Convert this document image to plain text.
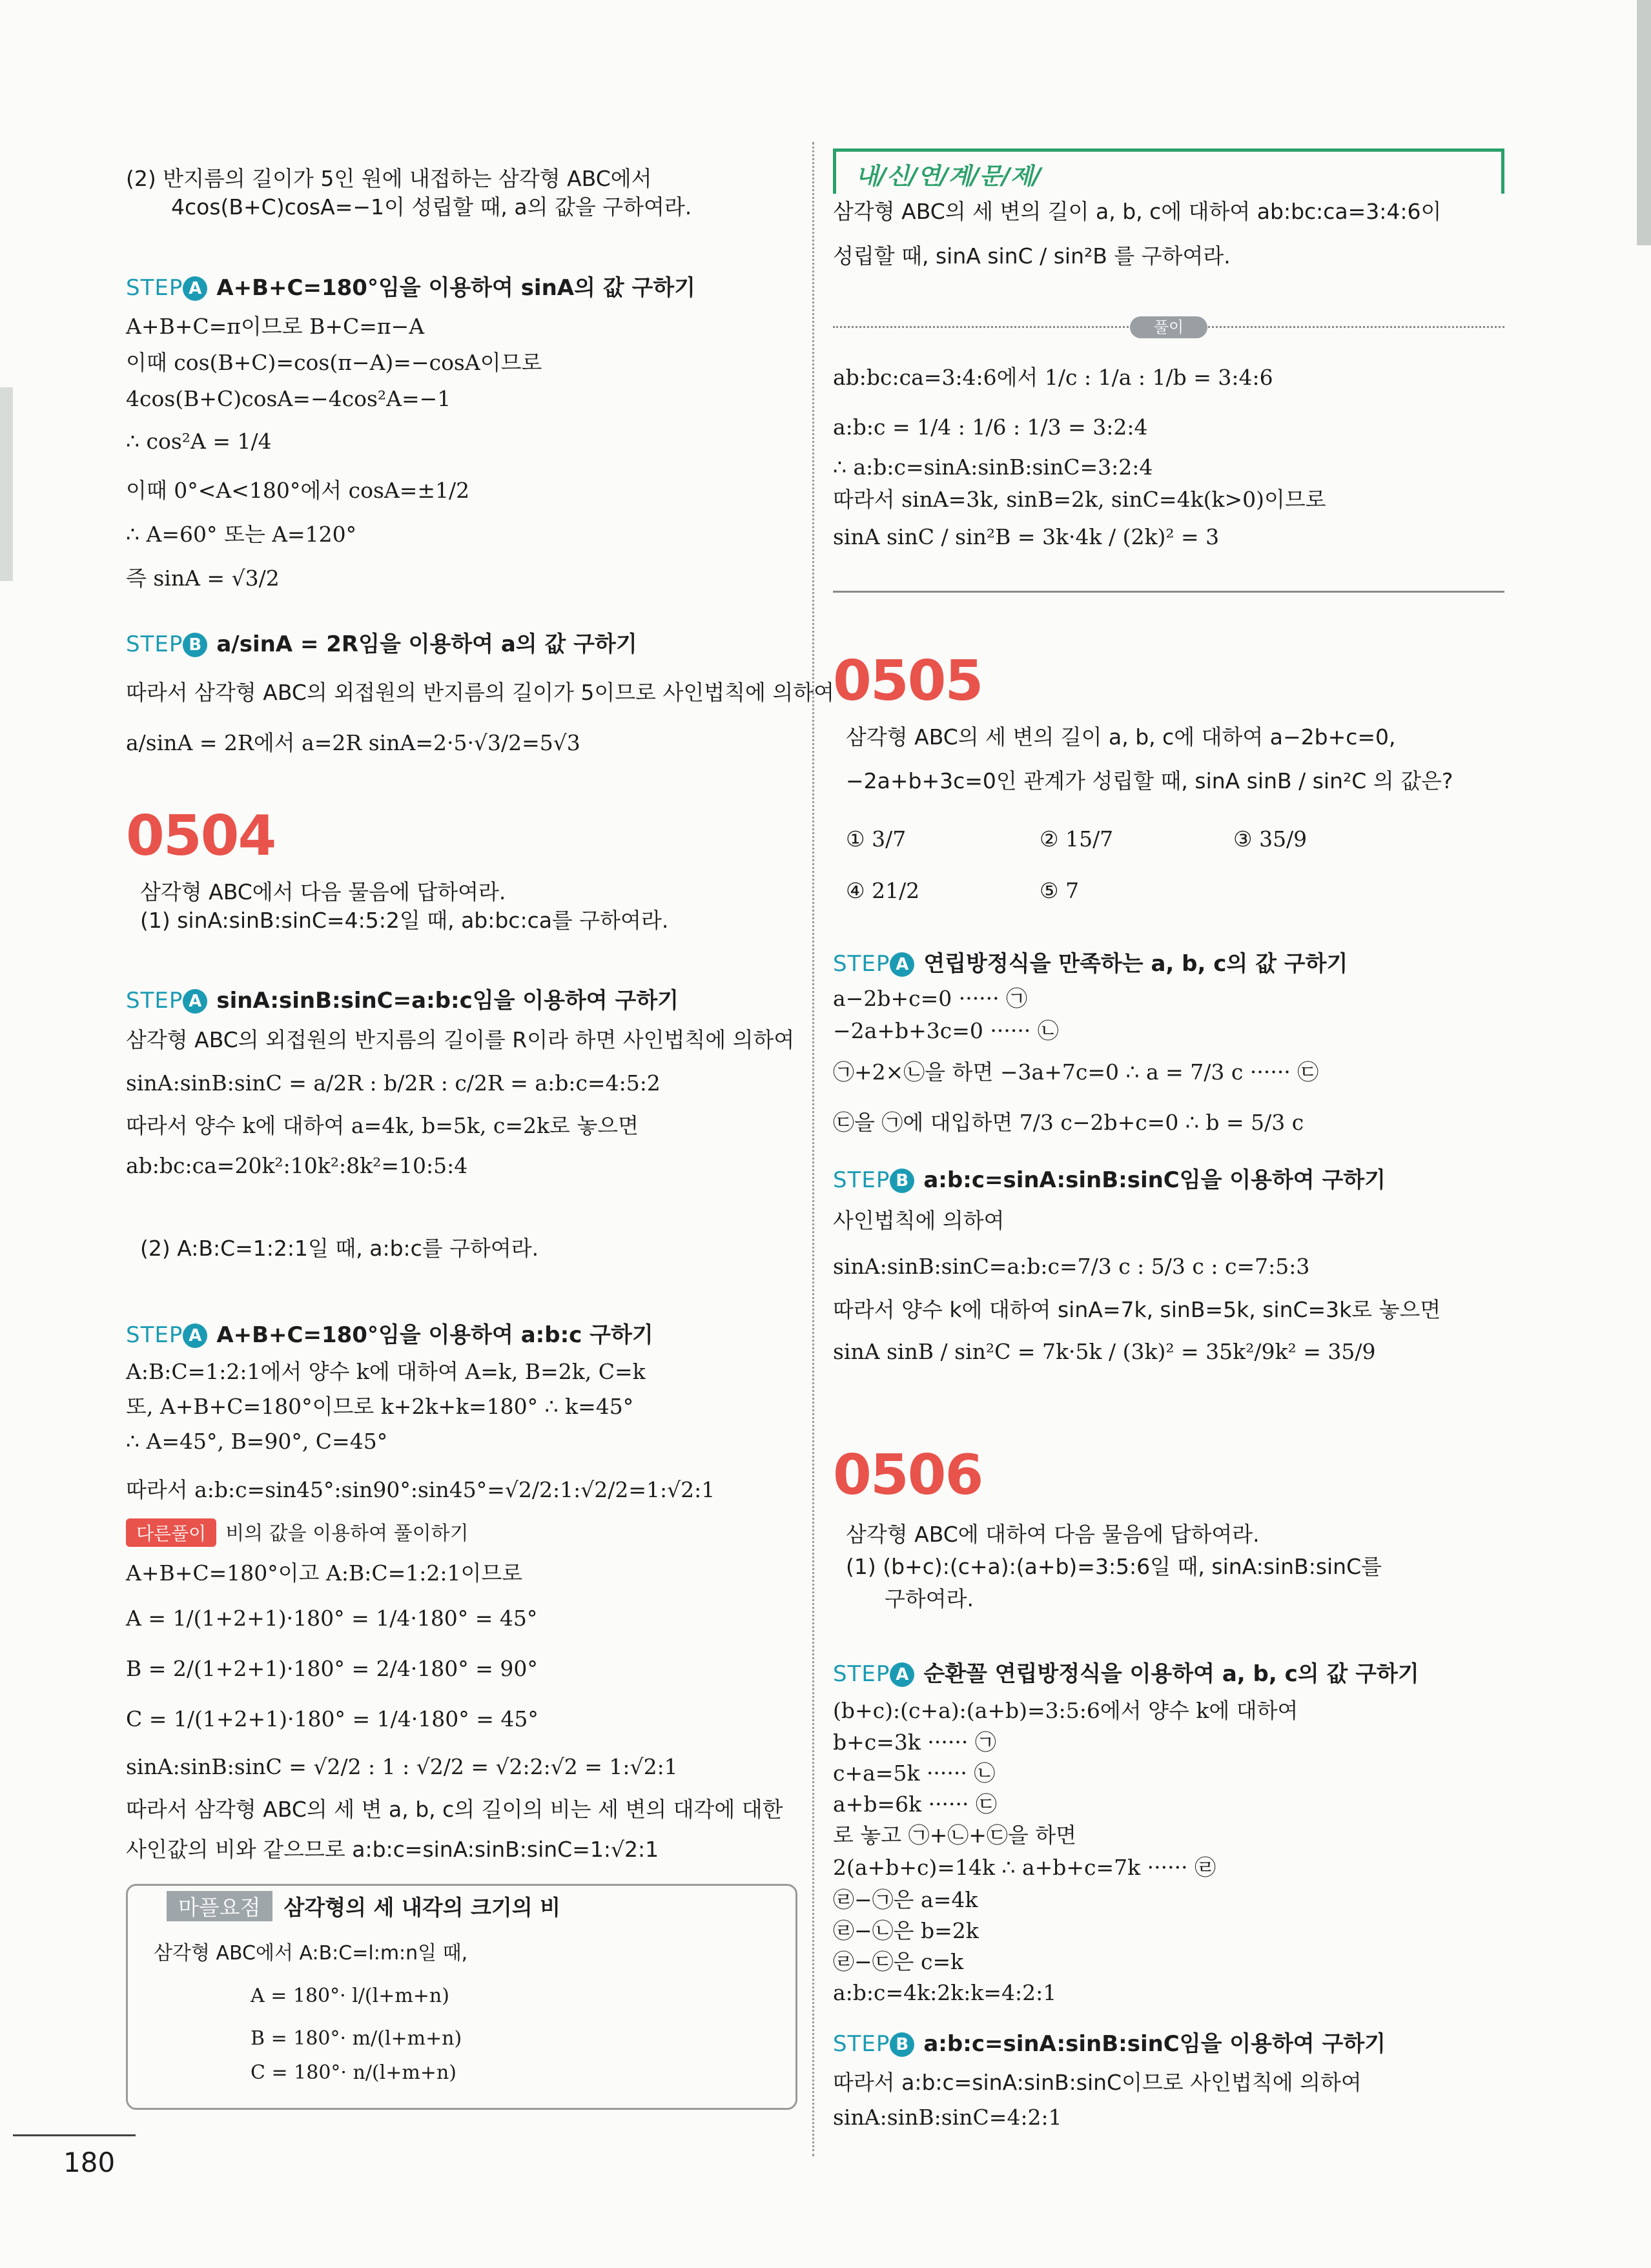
(2) 반지름의 길이가 5인 원에 내접하는 삼각형 ABC에서
4cos(B+C)cosA=−1이 성립할 때, a의 값을 구하여라.
STEP A A+B+C=180°임을 이용하여 sinA의 값 구하기
A+B+C=π이므로 B+C=π−A
이때 cos(B+C)=cos(π−A)=−cosA이므로
4cos(B+C)cosA=−4cos²A=−1
∴ cos²A = 1/4
이때 0°<A<180°에서 cosA=±1/2
∴ A=60° 또는 A=120°
즉 sinA = √3/2
STEP B a/sinA = 2R임을 이용하여 a의 값 구하기
따라서 삼각형 ABC의 외접원의 반지름의 길이가 5이므로 사인법칙에 의하여
a/sinA = 2R에서 a=2R sinA=2·5·√3/2=5√3
0504
삼각형 ABC에서 다음 물음에 답하여라.
(1) sinA:sinB:sinC=4:5:2일 때, ab:bc:ca를 구하여라.
STEP A sinA:sinB:sinC=a:b:c임을 이용하여 구하기
삼각형 ABC의 외접원의 반지름의 길이를 R이라 하면 사인법칙에 의하여
sinA:sinB:sinC = a/2R : b/2R : c/2R = a:b:c=4:5:2
따라서 양수 k에 대하여 a=4k, b=5k, c=2k로 놓으면
ab:bc:ca=20k²:10k²:8k²=10:5:4
(2) A:B:C=1:2:1일 때, a:b:c를 구하여라.
STEP A A+B+C=180°임을 이용하여 a:b:c 구하기
A:B:C=1:2:1에서 양수 k에 대하여 A=k, B=2k, C=k
또, A+B+C=180°이므로 k+2k+k=180° ∴ k=45°
∴ A=45°, B=90°, C=45°
따라서 a:b:c=sin45°:sin90°:sin45°=√2/2:1:√2/2=1:√2:1
다른풀이 비의 값을 이용하여 풀이하기
A+B+C=180°이고 A:B:C=1:2:1이므로
A = 1/(1+2+1)·180° = 1/4·180° = 45°
B = 2/(1+2+1)·180° = 2/4·180° = 90°
C = 1/(1+2+1)·180° = 1/4·180° = 45°
sinA:sinB:sinC = √2/2 : 1 : √2/2 = √2:2:√2 = 1:√2:1
따라서 삼각형 ABC의 세 변 a, b, c의 길이의 비는 세 변의 대각에 대한
사인값의 비와 같으므로 a:b:c=sinA:sinB:sinC=1:√2:1
마플요점 삼각형의 세 내각의 크기의 비
삼각형 ABC에서 A:B:C=l:m:n일 때,
A = 180°· l/(l+m+n)
B = 180°· m/(l+m+n)
C = 180°· n/(l+m+n)
내/신/연/계/문/제/
삼각형 ABC의 세 변의 길이 a, b, c에 대하여 ab:bc:ca=3:4:6이
성립할 때, sinA sinC / sin²B 를 구하여라.
풀이
ab:bc:ca=3:4:6에서 1/c : 1/a : 1/b = 3:4:6
a:b:c = 1/4 : 1/6 : 1/3 = 3:2:4
∴ a:b:c=sinA:sinB:sinC=3:2:4
따라서 sinA=3k, sinB=2k, sinC=4k(k>0)이므로
sinA sinC / sin²B = 3k·4k / (2k)² = 3
0505
삼각형 ABC의 세 변의 길이 a, b, c에 대하여 a−2b+c=0,
−2a+b+3c=0인 관계가 성립할 때, sinA sinB / sin²C 의 값은?
① 3/7	② 15/7	③ 35/9
④ 21/2	⑤ 7
STEP A 연립방정식을 만족하는 a, b, c의 값 구하기
a−2b+c=0 ······ ㉠
−2a+b+3c=0 ······ ㉡
㉠+2×㉡을 하면 −3a+7c=0 ∴ a = 7/3 c ······ ㉢
㉢을 ㉠에 대입하면 7/3 c−2b+c=0 ∴ b = 5/3 c
STEP B a:b:c=sinA:sinB:sinC임을 이용하여 구하기
사인법칙에 의하여
sinA:sinB:sinC=a:b:c=7/3 c : 5/3 c : c=7:5:3
따라서 양수 k에 대하여 sinA=7k, sinB=5k, sinC=3k로 놓으면
sinA sinB / sin²C = 7k·5k / (3k)² = 35k²/9k² = 35/9
0506
삼각형 ABC에 대하여 다음 물음에 답하여라.
(1) (b+c):(c+a):(a+b)=3:5:6일 때, sinA:sinB:sinC를
구하여라.
STEP A 순환꼴 연립방정식을 이용하여 a, b, c의 값 구하기
(b+c):(c+a):(a+b)=3:5:6에서 양수 k에 대하여
b+c=3k ······ ㉠
c+a=5k ······ ㉡
a+b=6k ······ ㉢
로 놓고 ㉠+㉡+㉢을 하면
2(a+b+c)=14k ∴ a+b+c=7k ······ ㉣
㉣−㉠은 a=4k
㉣−㉡은 b=2k
㉣−㉢은 c=k
a:b:c=4k:2k:k=4:2:1
STEP B a:b:c=sinA:sinB:sinC임을 이용하여 구하기
따라서 a:b:c=sinA:sinB:sinC이므로 사인법칙에 의하여
sinA:sinB:sinC=4:2:1
180
